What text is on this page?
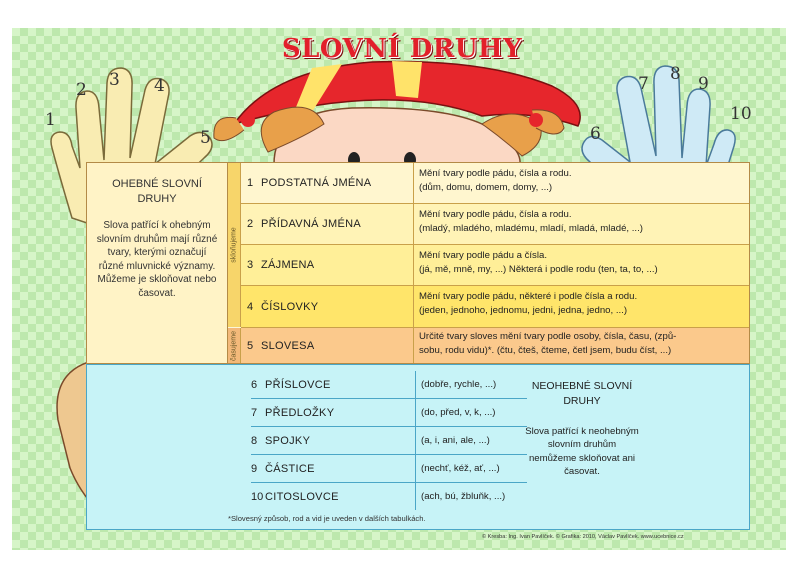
1
2 3 4
5	6
7 8 9
10
SLOVNÍ DRUHY
OHEBNÉ SLOVNÍ DRUHY
Slova patřící k ohebným slovním druhům mají různé tvary, kterými označují různé mluvnické významy. Můžeme je skloňovat nebo časovat.
skloňujeme
časujeme
1 PODSTATNÁ JMÉNA
Mění tvary podle pádu, čísla a rodu.
(dům, domu, domem, domy, ...)
2 PŘÍDAVNÁ JMÉNA
Mění tvary podle pádu, čísla a rodu.
(mladý, mladého, mladému, mladí, mladá, mladé, ...)
3 ZÁJMENA
Mění tvary podle pádu a čísla.
(já, mě, mně, my, ...) Některá i podle rodu (ten, ta, to, ...)
4 ČÍSLOVKY
Mění tvary podle pádu, některé i podle čísla a rodu.
(jeden, jednoho, jednomu, jedni, jedna, jedno, ...)
5 SLOVESA
Určité tvary sloves mění tvary podle osoby, čísla, času, (způ-
sobu, rodu vidu)*. (čtu, čteš, čteme, četl jsem, budu číst, ...)
6 PŘÍSLOVCE	(dobře, rychle, ...)
7 PŘEDLOŽKY	(do, před, v, k, ...)
8 SPOJKY	(a, i, ani, ale, ...)
9 ČÁSTICE	(nechť, kéž, ať, ...)
10 CITOSLOVCE	(ach, bú, žbluňk, ...)
NEOHEBNÉ SLOVNÍ DRUHY
Slova patřící k neohebným slovním druhům nemůžeme skloňovat ani časovat.
*Slovesný způsob, rod a vid je uveden v dalších tabulkách.
© Kresba: Ing. Ivan Pavlíček. © Grafika: 2010, Václav Pavlíček. www.ucebnice.cz
